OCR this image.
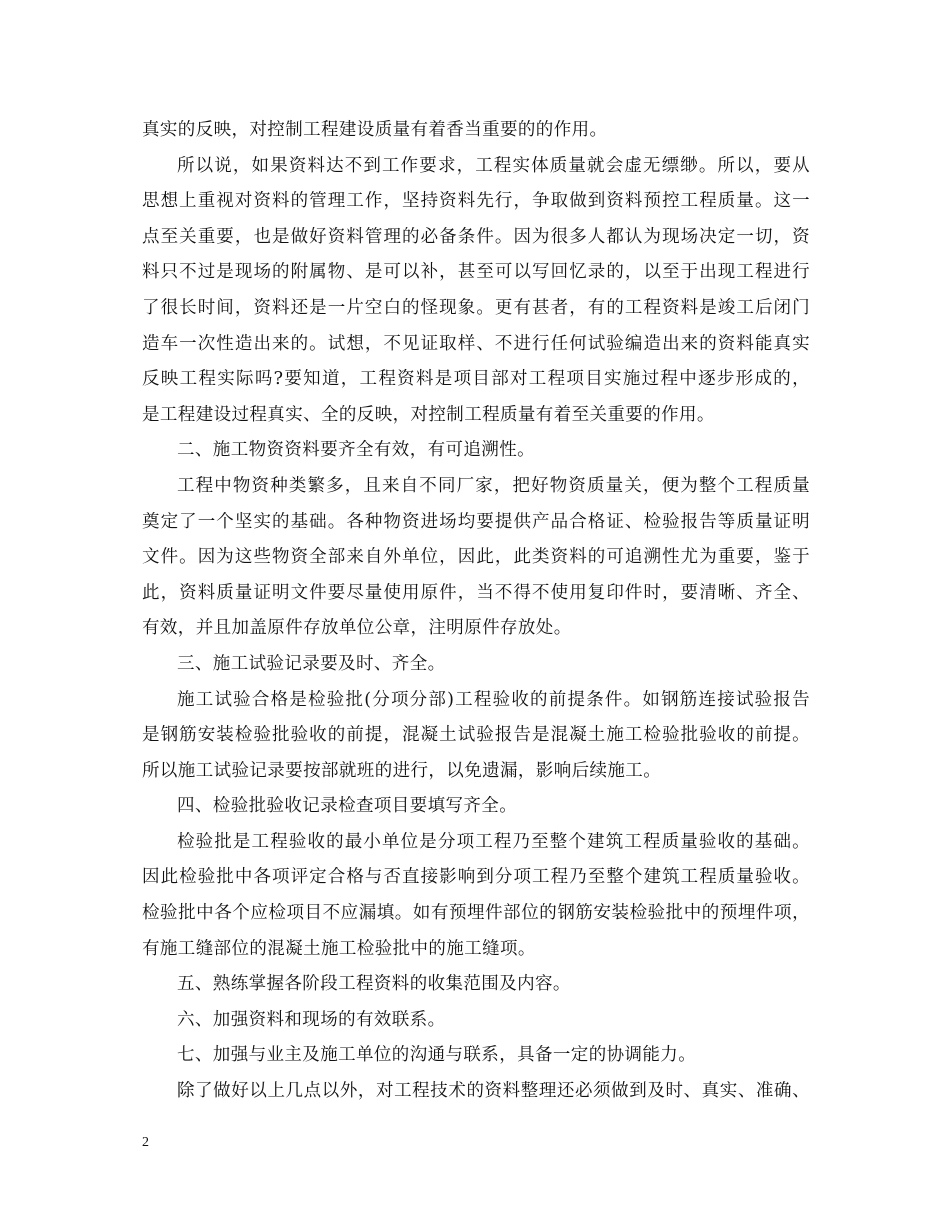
真实的反映，对控制工程建设质量有着香当重要的的作用。
所以说，如果资料达不到工作要求，工程实体质量就会虚无缥缈。所以，要从
思想上重视对资料的管理工作，坚持资料先行，争取做到资料预控工程质量。这一
点至关重要，也是做好资料管理的必备条件。因为很多人都认为现场决定一切，资
料只不过是现场的附属物、是可以补，甚至可以写回忆录的，以至于出现工程进行
了很长时间，资料还是一片空白的怪现象。更有甚者，有的工程资料是竣工后闭门
造车一次性造出来的。试想，不见证取样、不进行任何试验编造出来的资料能真实
反映工程实际吗?要知道，工程资料是项目部对工程项目实施过程中逐步形成的，
是工程建设过程真实、全的反映，对控制工程质量有着至关重要的作用。
二、施工物资资料要齐全有效，有可追溯性。
工程中物资种类繁多，且来自不同厂家，把好物资质量关，便为整个工程质量
奠定了一个坚实的基础。各种物资进场均要提供产品合格证、检验报告等质量证明
文件。因为这些物资全部来自外单位，因此，此类资料的可追溯性尤为重要，鉴于
此，资料质量证明文件要尽量使用原件，当不得不使用复印件时，要清晰、齐全、
有效，并且加盖原件存放单位公章，注明原件存放处。
三、施工试验记录要及时、齐全。
施工试验合格是检验批(分项分部)工程验收的前提条件。如钢筋连接试验报告
是钢筋安装检验批验收的前提，混凝土试验报告是混凝土施工检验批验收的前提。
所以施工试验记录要按部就班的进行，以免遗漏，影响后续施工。
四、检验批验收记录检查项目要填写齐全。
检验批是工程验收的最小单位是分项工程乃至整个建筑工程质量验收的基础。
因此检验批中各项评定合格与否直接影响到分项工程乃至整个建筑工程质量验收。
检验批中各个应检项目不应漏填。如有预埋件部位的钢筋安装检验批中的预埋件项，
有施工缝部位的混凝土施工检验批中的施工缝项。
五、熟练掌握各阶段工程资料的收集范围及内容。
六、加强资料和现场的有效联系。
七、加强与业主及施工单位的沟通与联系，具备一定的协调能力。
除了做好以上几点以外，对工程技术的资料整理还必须做到及时、真实、准确、
2
